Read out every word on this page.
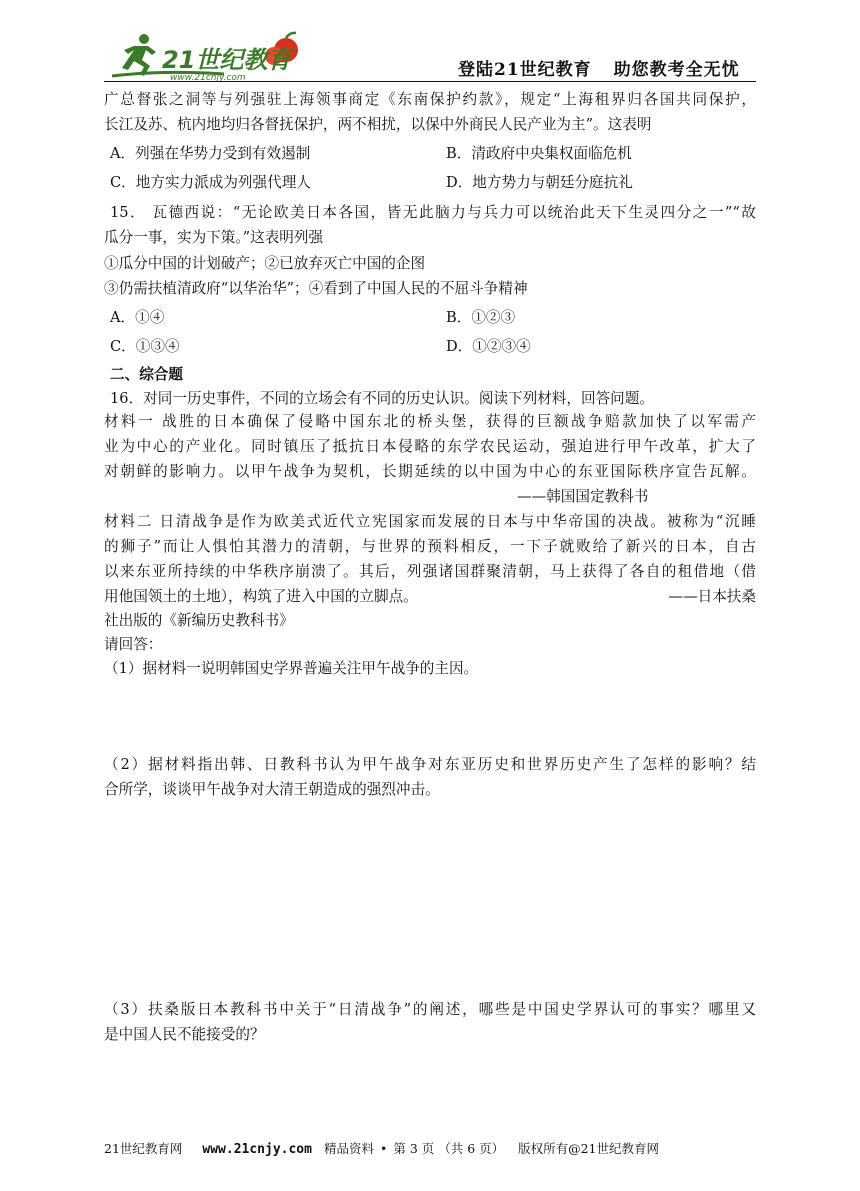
21世纪教育
www.21cnjy.com	登陆21世纪教育 助您教考全无忧
广总督张之洞等与列强驻上海领事商定《东南保护约款》，规定“上海租界归各国共同保护，
长江及苏、杭内地均归各督抚保护，两不相扰，以保中外商民人民产业为主”。这表明
A．列强在华势力受到有效遏制	B．清政府中央集权面临危机
C．地方实力派成为列强代理人	D．地方势力与朝廷分庭抗礼
15． 瓦德西说：“无论欧美日本各国，皆无此脑力与兵力可以统治此天下生灵四分之一”“故
瓜分一事，实为下策。”这表明列强
①瓜分中国的计划破产；②已放弃灭亡中国的企图
③仍需扶植清政府“以华治华”；④看到了中国人民的不屈斗争精神
A．①④	B．①②③
C．①③④	D．①②③④
二、综合题
16．对同一历史事件，不同的立场会有不同的历史认识。阅读下列材料，回答问题。
材料一 战胜的日本确保了侵略中国东北的桥头堡，获得的巨额战争赔款加快了以军需产
业为中心的产业化。同时镇压了抵抗日本侵略的东学农民运动，强迫进行甲午改革，扩大了
对朝鲜的影响力。以甲午战争为契机，长期延续的以中国为中心的东亚国际秩序宣告瓦解。
——韩国国定教科书
材料二 日清战争是作为欧美式近代立宪国家而发展的日本与中华帝国的决战。被称为“沉睡
的狮子”而让人惧怕其潜力的清朝，与世界的预料相反，一下子就败给了新兴的日本，自古
以来东亚所持续的中华秩序崩溃了。其后，列强诸国群聚清朝，马上获得了各自的租借地（借
用他国领土的土地），构筑了进入中国的立脚点。	——日本扶桑
社出版的《新编历史教科书》
请回答：
（1）据材料一说明韩国史学界普遍关注甲午战争的主因。
（2）据材料指出韩、日教科书认为甲午战争对东亚历史和世界历史产生了怎样的影响？结
合所学，谈谈甲午战争对大清王朝造成的强烈冲击。
（3）扶桑版日本教科书中关于“日清战争”的阐述，哪些是中国史学界认可的事实？哪里又
是中国人民不能接受的？
21世纪教育网 www.21cnjy.com 精品资料 • 第 3 页 （共 6 页） 版权所有@21世纪教育网
